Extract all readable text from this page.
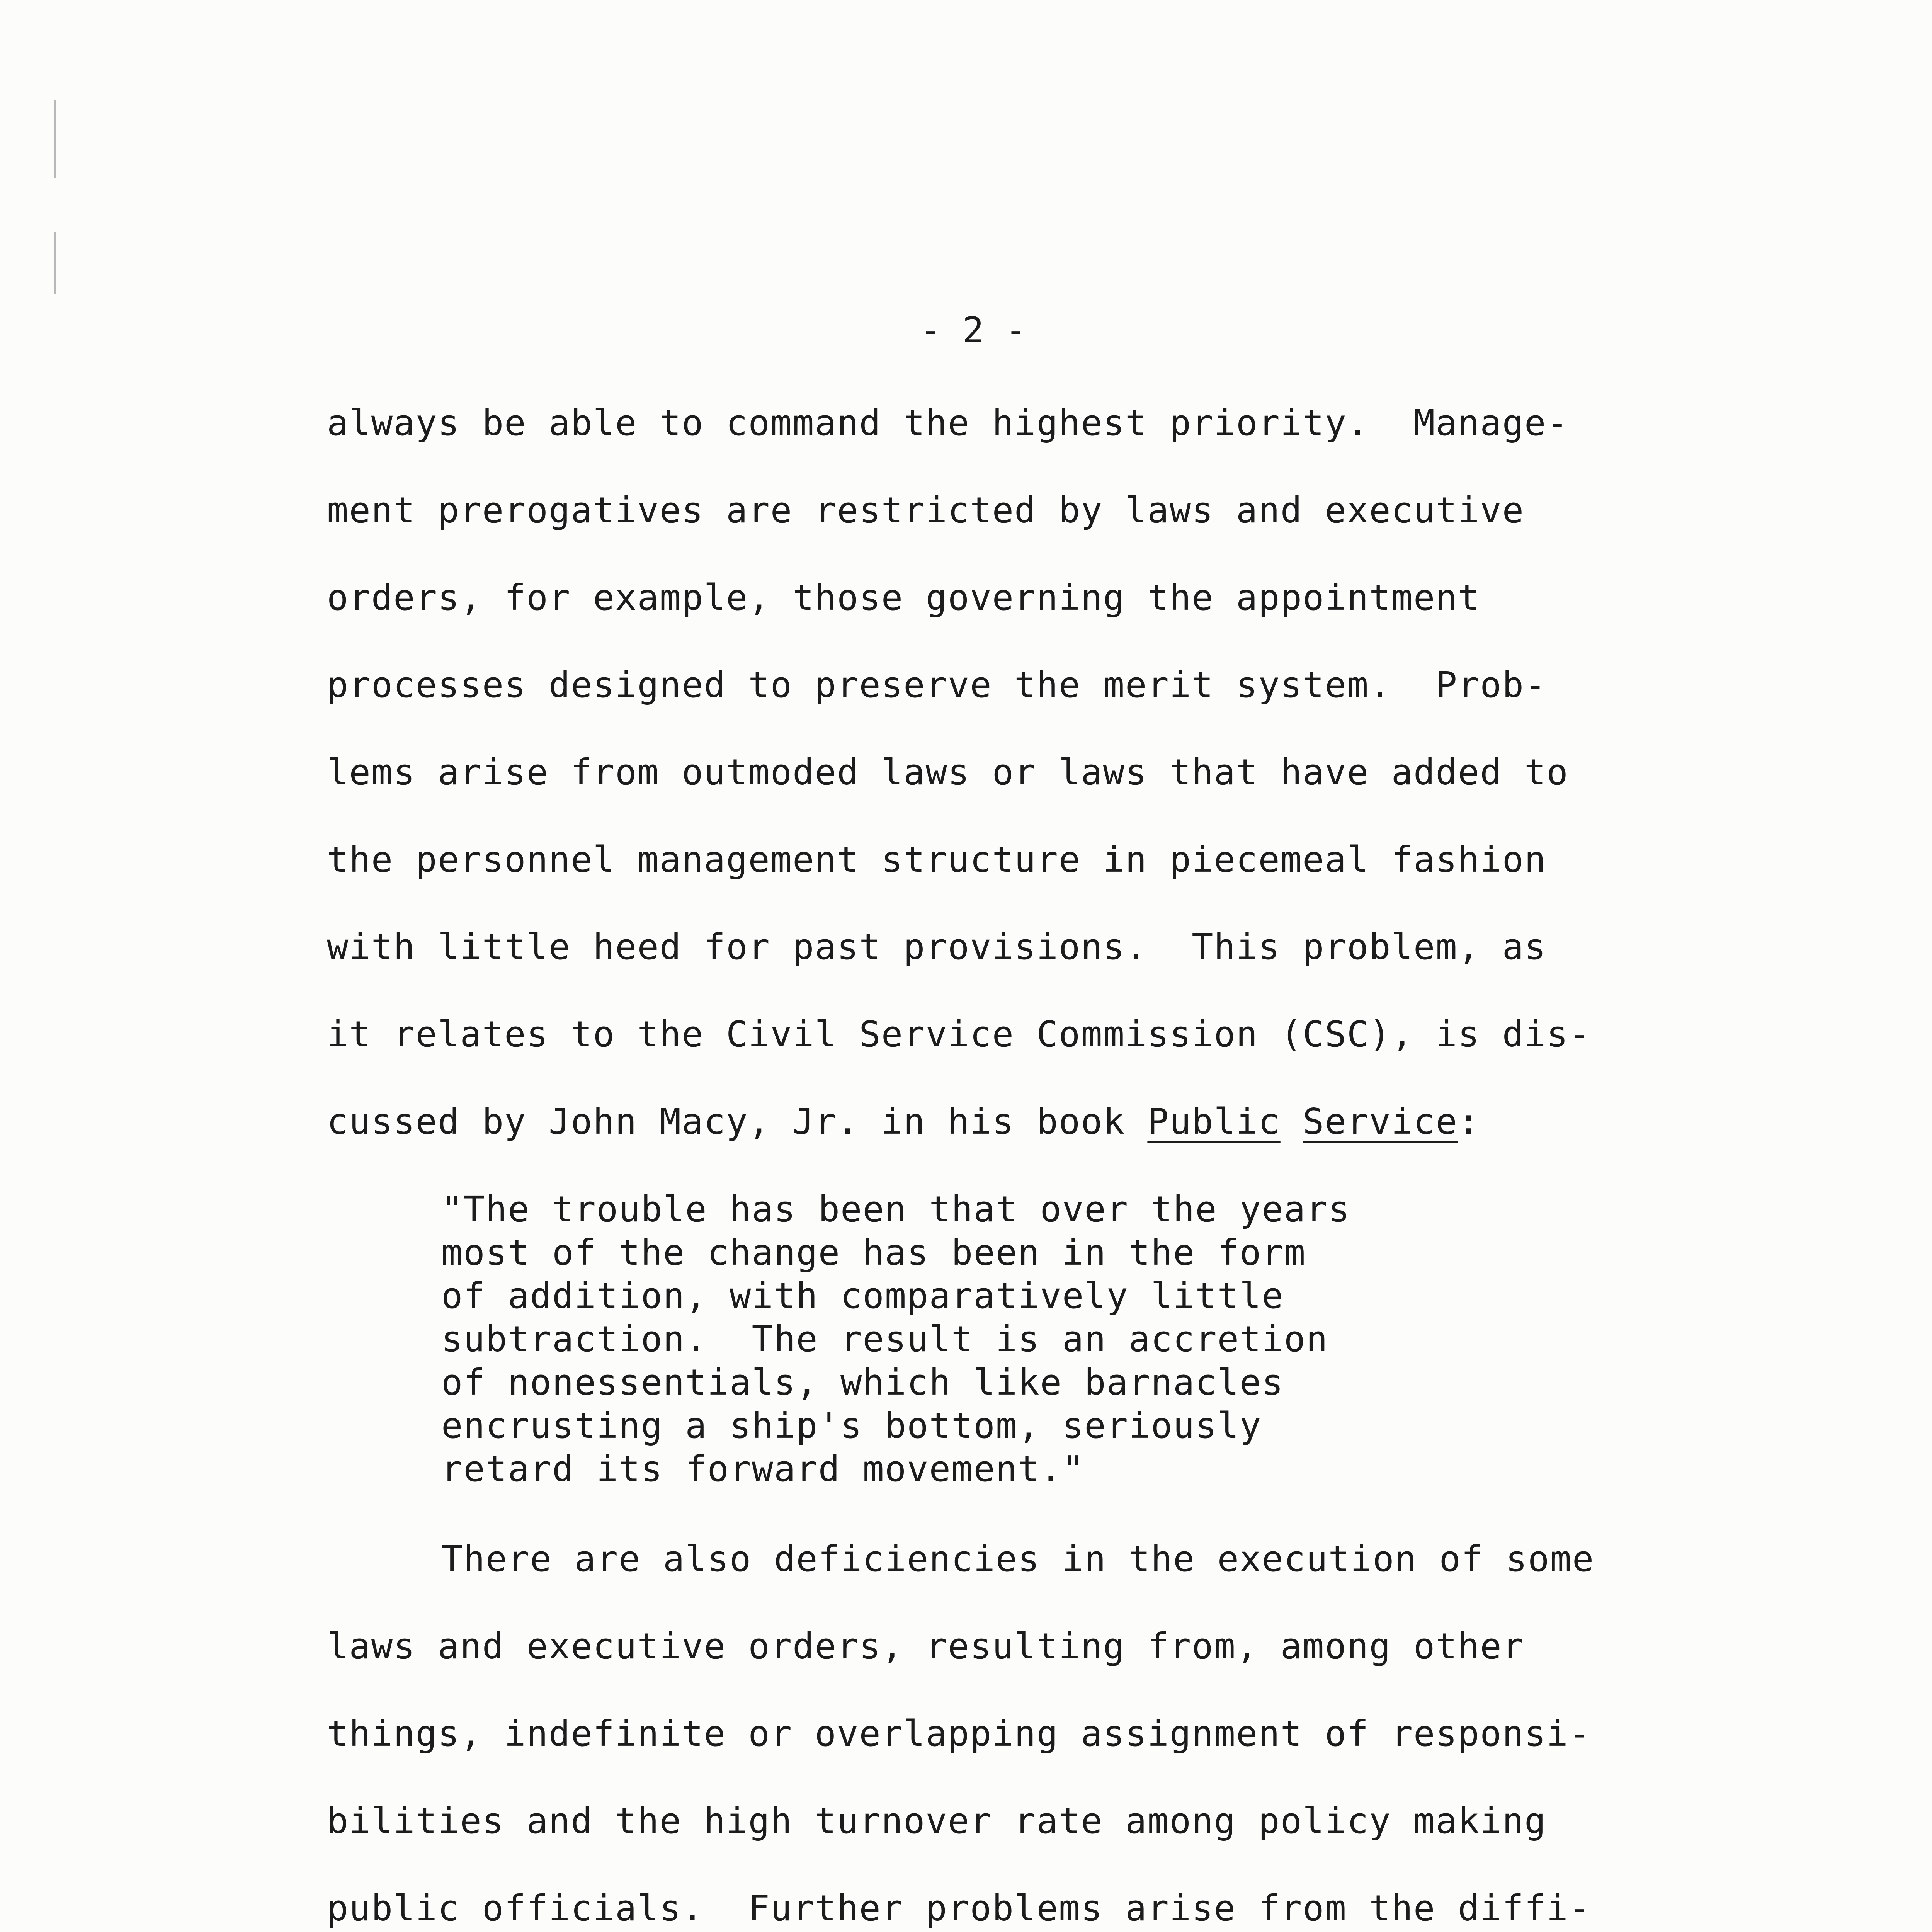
- 2 -
always be able to command the highest priority.  Manage-
ment prerogatives are restricted by laws and executive
orders, for example, those governing the appointment
processes designed to preserve the merit system.  Prob-
lems arise from outmoded laws or laws that have added to
the personnel management structure in piecemeal fashion
with little heed for past provisions.  This problem, as
it relates to the Civil Service Commission (CSC), is dis-
cussed by John Macy, Jr. in his book Public Service:
"The trouble has been that over the years
most of the change has been in the form
of addition, with comparatively little
subtraction.  The result is an accretion
of nonessentials, which like barnacles
encrusting a ship's bottom, seriously
retard its forward movement."
There are also deficiencies in the execution of some
laws and executive orders, resulting from, among other
things, indefinite or overlapping assignment of responsi-
bilities and the high turnover rate among policy making
public officials.  Further problems arise from the diffi-
